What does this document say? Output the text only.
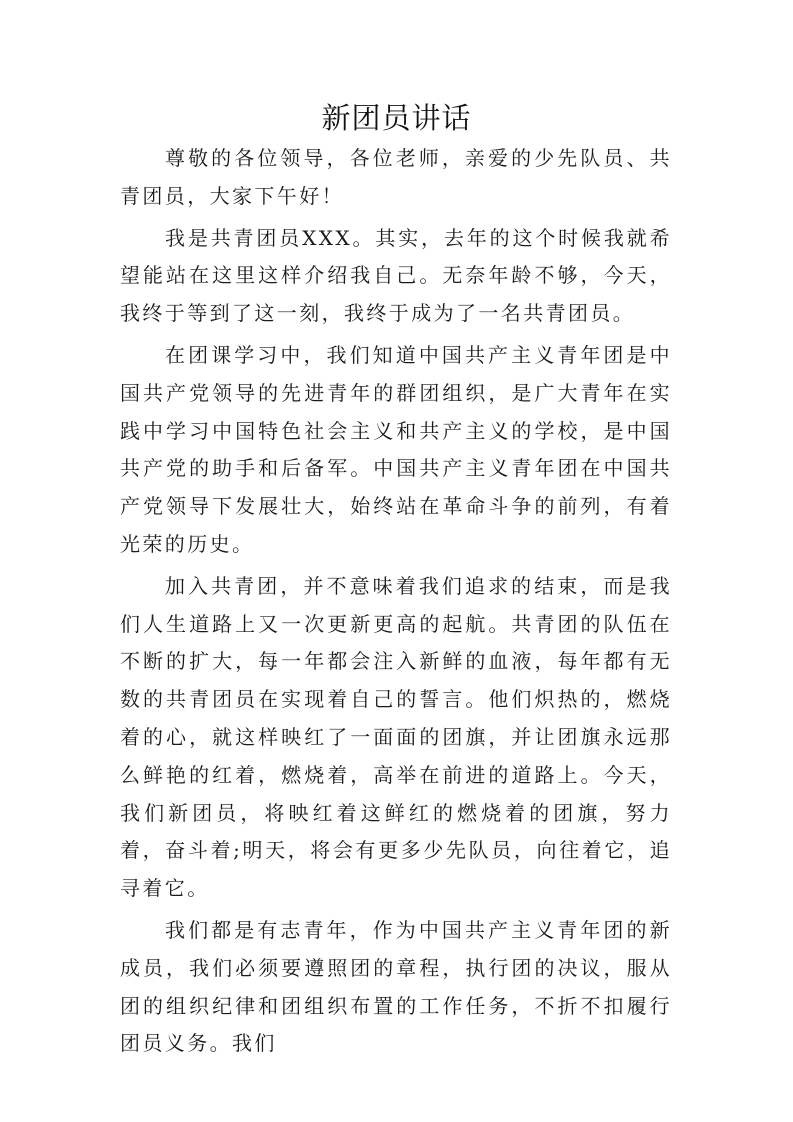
新团员讲话

尊敬的各位领导，各位老师，亲爱的少先队员、共青团员，大家下午好！

我是共青团员XXX。其实，去年的这个时候我就希望能站在这里这样介绍我自己。无奈年龄不够，今天，我终于等到了这一刻，我终于成为了一名共青团员。

在团课学习中，我们知道中国共产主义青年团是中国共产党领导的先进青年的群团组织，是广大青年在实践中学习中国特色社会主义和共产主义的学校，是中国共产党的助手和后备军。中国共产主义青年团在中国共产党领导下发展壮大，始终站在革命斗争的前列，有着光荣的历史。

加入共青团，并不意味着我们追求的结束，而是我们人生道路上又一次更新更高的起航。共青团的队伍在不断的扩大，每一年都会注入新鲜的血液，每年都有无数的共青团员在实现着自己的誓言。他们炽热的，燃烧着的心，就这样映红了一面面的团旗，并让团旗永远那么鲜艳的红着，燃烧着，高举在前进的道路上。今天，我们新团员，将映红着这鲜红的燃烧着的团旗，努力着，奋斗着;明天，将会有更多少先队员，向往着它，追寻着它。

我们都是有志青年，作为中国共产主义青年团的新成员，我们必须要遵照团的章程，执行团的决议，服从团的组织纪律和团组织布置的工作任务，不折不扣履行团员义务。我们
